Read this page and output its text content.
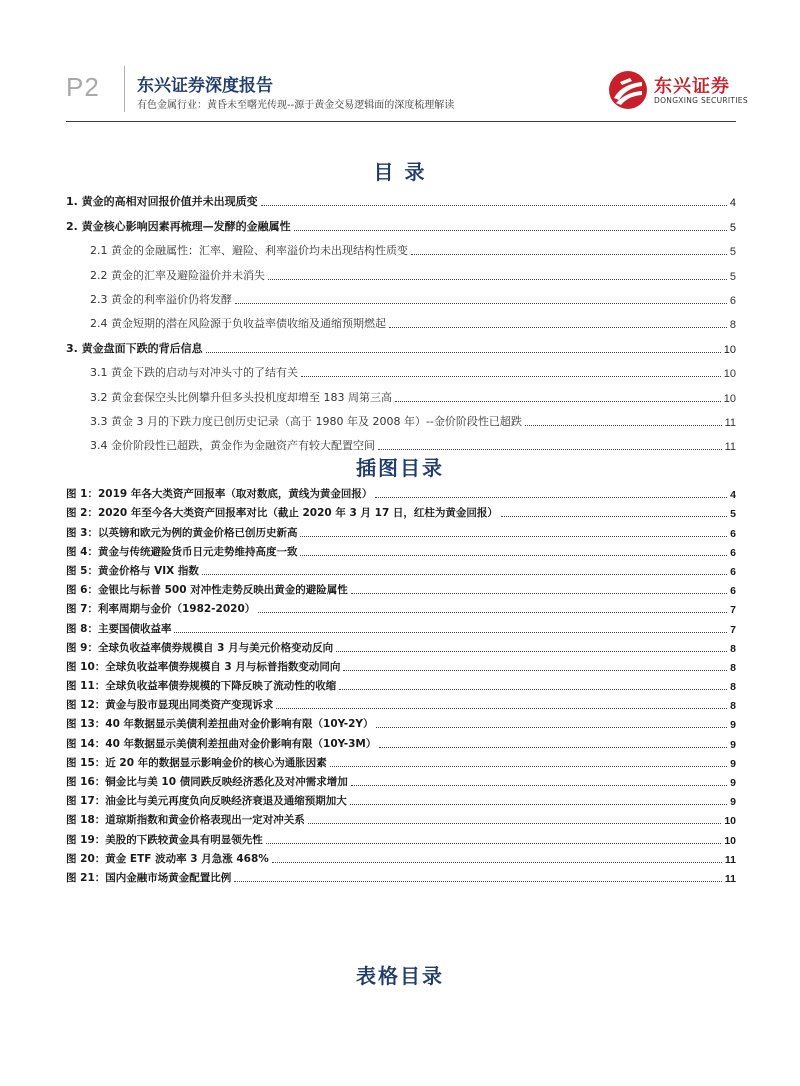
P2 东兴证券深度报告
有色金属行业：黄昏未至曙光传现--源于黄金交易逻辑面的深度梳理解读
东兴证券
DONGXING SECURITIES
目 录
1. 黄金的高相对回报价值并未出现质变	4
2. 黄金核心影响因素再梳理—发酵的金融属性	5
2.1 黄金的金融属性：汇率、避险、利率溢价均未出现结构性质变	5
2.2 黄金的汇率及避险溢价并未消失	5
2.3 黄金的利率溢价仍将发酵	6
2.4 黄金短期的潜在风险源于负收益率债收缩及通缩预期燃起	8
3. 黄金盘面下跌的背后信息	10
3.1 黄金下跌的启动与对冲头寸的了结有关	10
3.2 黄金套保空头比例攀升但多头投机度却增至 183 周第三高	10
3.3 黄金 3 月的下跌力度已创历史记录（高于 1980 年及 2008 年）--金价阶段性已超跌	11
3.4 金价阶段性已超跌，黄金作为金融资产有较大配置空间	11
插图目录
图 1：2019 年各大类资产回报率（取对数底，黄线为黄金回报）	4
图 2：2020 年至今各大类资产回报率对比（截止 2020 年 3 月 17 日，红柱为黄金回报）	5
图 3：以英镑和欧元为例的黄金价格已创历史新高	6
图 4：黄金与传统避险货币日元走势维持高度一致	6
图 5：黄金价格与 VIX 指数	6
图 6：金银比与标普 500 对冲性走势反映出黄金的避险属性	6
图 7：利率周期与金价（1982-2020）	7
图 8：主要国债收益率	7
图 9：全球负收益率债券规模自 3 月与美元价格变动反向	8
图 10：全球负收益率债券规模自 3 月与标普指数变动同向	8
图 11：全球负收益率债券规模的下降反映了流动性的收缩	8
图 12：黄金与股市显现出同类资产变现诉求	8
图 13：40 年数据显示美债利差扭曲对金价影响有限（10Y-2Y）	9
图 14：40 年数据显示美债利差扭曲对金价影响有限（10Y-3M）	9
图 15：近 20 年的数据显示影响金价的核心为通胀因素	9
图 16：铜金比与美 10 债同跌反映经济悉化及对冲需求增加	9
图 17：油金比与美元再度负向反映经济衰退及通缩预期加大	9
图 18：道琼斯指数和黄金价格表现出一定对冲关系	10
图 19：美股的下跌较黄金具有明显领先性	10
图 20：黄金 ETF 波动率 3 月急涨 468%	11
图 21：国内金融市场黄金配置比例	11
表格目录
